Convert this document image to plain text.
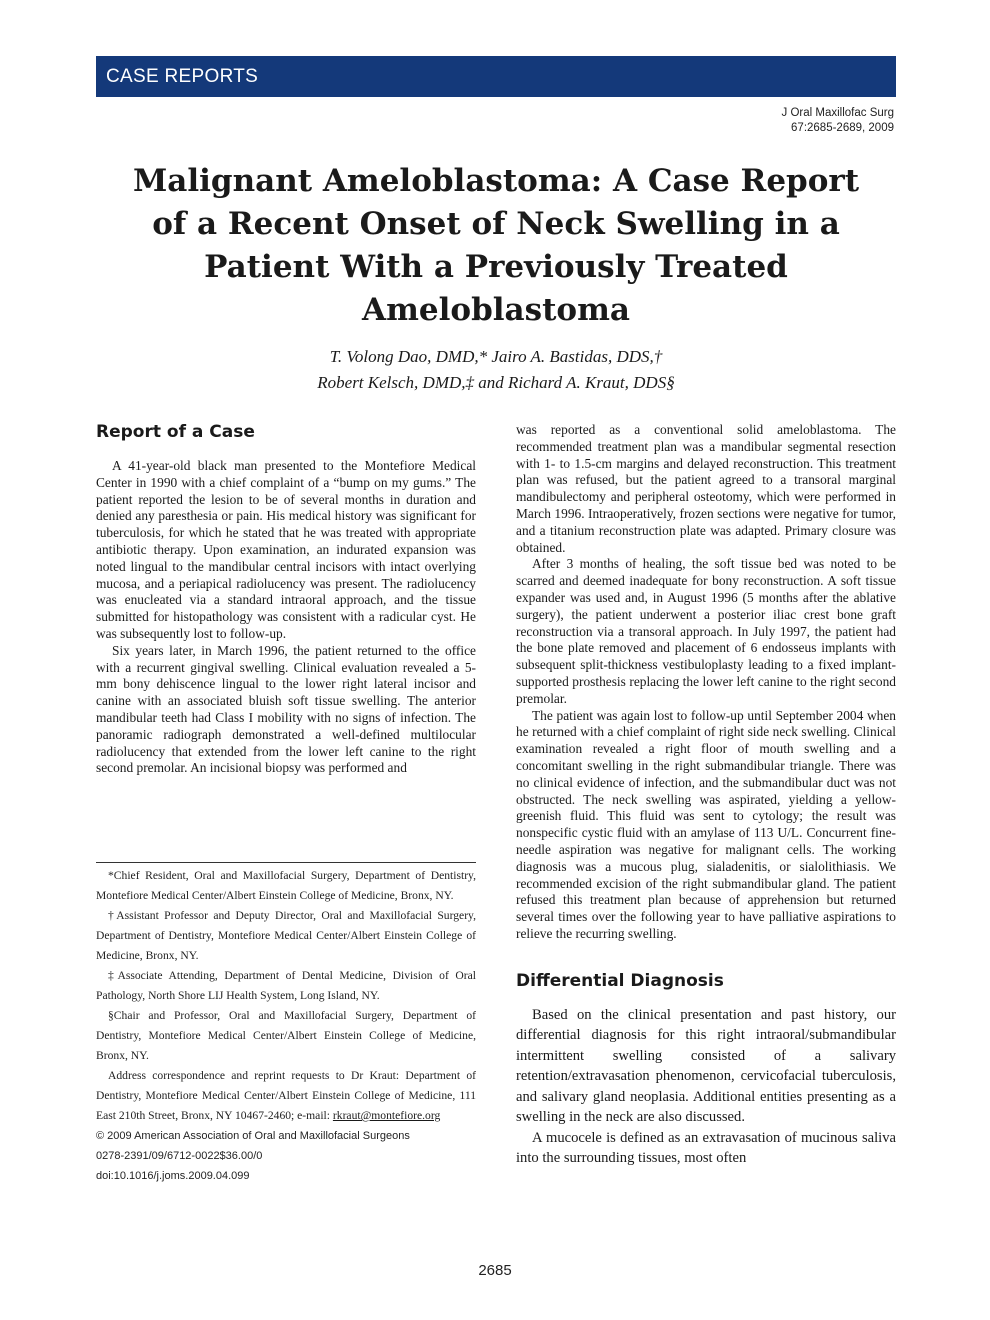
CASE REPORTS
J Oral Maxillofac Surg
67:2685-2689, 2009
Malignant Ameloblastoma: A Case Report of a Recent Onset of Neck Swelling in a Patient With a Previously Treated Ameloblastoma
T. Volong Dao, DMD,* Jairo A. Bastidas, DDS,†
Robert Kelsch, DMD,‡ and Richard A. Kraut, DDS§
Report of a Case

A 41-year-old black man presented to the Montefiore Medical Center in 1990 with a chief complaint of a “bump on my gums.” The patient reported the lesion to be of several months in duration and denied any paresthesia or pain. His medical history was significant for tuberculosis, for which he stated that he was treated with appropriate antibiotic therapy. Upon examination, an indurated expansion was noted lingual to the mandibular central incisors with intact overlying mucosa, and a periapical radiolucency was present. The radiolucency was enucleated via a standard intraoral approach, and the tissue submitted for histopathology was consistent with a radicular cyst. He was subsequently lost to follow-up.

Six years later, in March 1996, the patient returned to the office with a recurrent gingival swelling. Clinical evaluation revealed a 5-mm bony dehiscence lingual to the lower right lateral incisor and canine with an associated bluish soft tissue swelling. The anterior mandibular teeth had Class I mobility with no signs of infection. The panoramic radiograph demonstrated a well-defined multilocular radiolucency that extended from the lower left canine to the right second premolar. An incisional biopsy was performed and

*Chief Resident, Oral and Maxillofacial Surgery, Department of Dentistry, Montefiore Medical Center/Albert Einstein College of Medicine, Bronx, NY.

†Assistant Professor and Deputy Director, Oral and Maxillofacial Surgery, Department of Dentistry, Montefiore Medical Center/Albert Einstein College of Medicine, Bronx, NY.

‡Associate Attending, Department of Dental Medicine, Division of Oral Pathology, North Shore LIJ Health System, Long Island, NY.

§Chair and Professor, Oral and Maxillofacial Surgery, Department of Dentistry, Montefiore Medical Center/Albert Einstein College of Medicine, Bronx, NY.

Address correspondence and reprint requests to Dr Kraut: Department of Dentistry, Montefiore Medical Center/Albert Einstein College of Medicine, 111 East 210th Street, Bronx, NY 10467-2460; e-mail: rkraut@montefiore.org

© 2009 American Association of Oral and Maxillofacial Surgeons

0278-2391/09/6712-0022$36.00/0

doi:10.1016/j.joms.2009.04.099

was reported as a conventional solid ameloblastoma. The recommended treatment plan was a mandibular segmental resection with 1- to 1.5-cm margins and delayed reconstruction. This treatment plan was refused, but the patient agreed to a transoral marginal mandibulectomy and peripheral osteotomy, which were performed in March 1996. Intraoperatively, frozen sections were negative for tumor, and a titanium reconstruction plate was adapted. Primary closure was obtained.

After 3 months of healing, the soft tissue bed was noted to be scarred and deemed inadequate for bony reconstruction. A soft tissue expander was used and, in August 1996 (5 months after the ablative surgery), the patient underwent a posterior iliac crest bone graft reconstruction via a transoral approach. In July 1997, the patient had the bone plate removed and placement of 6 endosseus implants with subsequent split-thickness vestibuloplasty leading to a fixed implant-supported prosthesis replacing the lower left canine to the right second premolar.

The patient was again lost to follow-up until September 2004 when he returned with a chief complaint of right side neck swelling. Clinical examination revealed a right floor of mouth swelling and a concomitant swelling in the right submandibular triangle. There was no clinical evidence of infection, and the submandibular duct was not obstructed. The neck swelling was aspirated, yielding a yellow-greenish fluid. This fluid was sent to cytology; the result was nonspecific cystic fluid with an amylase of 113 U/L. Concurrent fine-needle aspiration was negative for malignant cells. The working diagnosis was a mucous plug, sialadenitis, or sialolithiasis. We recommended excision of the right submandibular gland. The patient refused this treatment plan because of apprehension but returned several times over the following year to have palliative aspirations to relieve the recurring swelling.

Differential Diagnosis

Based on the clinical presentation and past history, our differential diagnosis for this right intraoral/submandibular intermittent swelling consisted of a salivary retention/extravasation phenomenon, cervicofacial tuberculosis, and salivary gland neoplasia. Additional entities presenting as a swelling in the neck are also discussed.

A mucocele is defined as an extravasation of mucinous saliva into the surrounding tissues, most often

2685
